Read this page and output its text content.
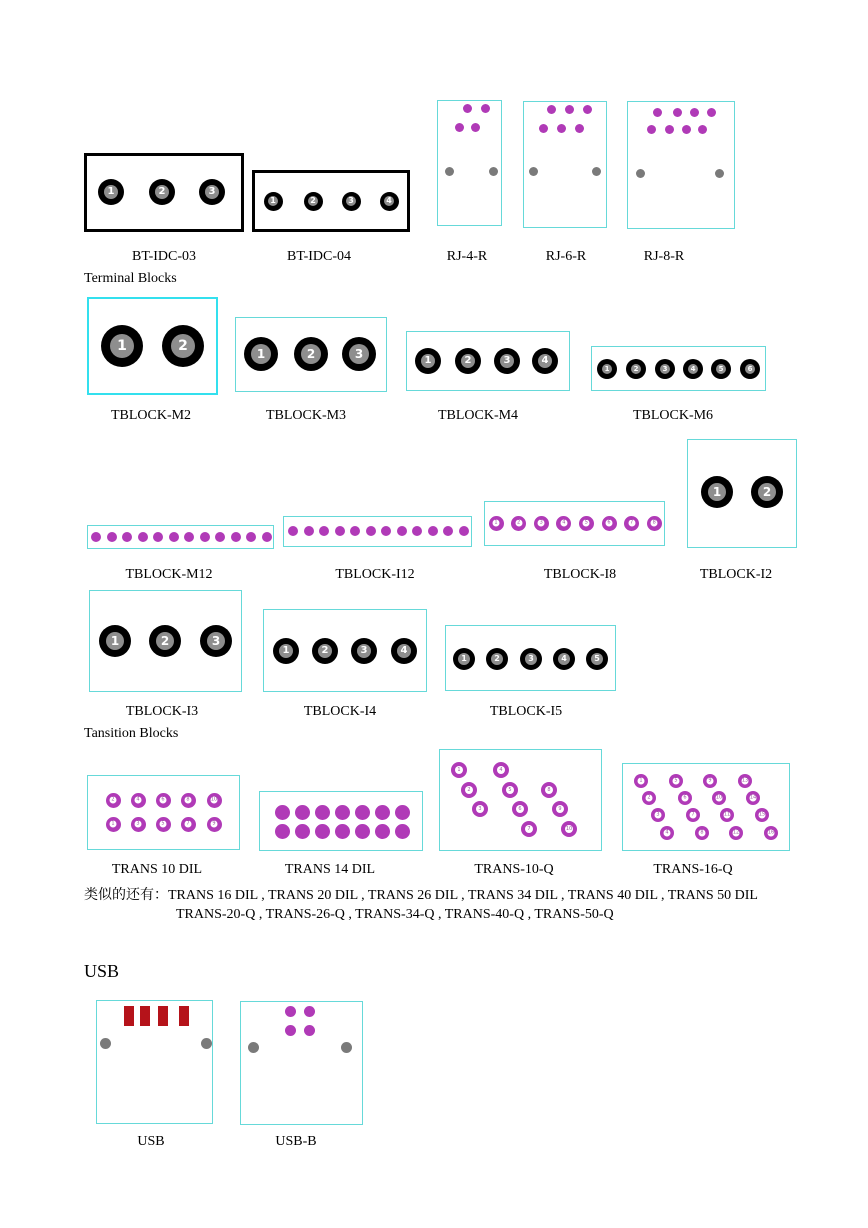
BT-IDC-03	BT-IDC-04	RJ-4-R	RJ-6-R	RJ-8-R
Terminal Blocks
TBLOCK-M2	TBLOCK-M3	TBLOCK-M4	TBLOCK-M6
TBLOCK-M12	TBLOCK-I12	TBLOCK-I8	TBLOCK-I2
TBLOCK-I3	TBLOCK-I4	TBLOCK-I5
Tansition Blocks
TRANS 10 DIL	TRANS 14 DIL	TRANS-10-Q	TRANS-16-Q
类似的还有：TRANS 16 DIL , TRANS 20 DIL , TRANS 26 DIL , TRANS 34 DIL , TRANS 40 DIL , TRANS 50 DIL
TRANS-20-Q , TRANS-26-Q , TRANS-34-Q , TRANS-40-Q , TRANS-50-Q
USB
USB	USB-B
1	2	3
1	2	3	4
1	2	1	2	3	1	2	3	4
1	2	3	4	5	6
1	2	3	4	5	6	7	8
1	2
1	2	3
1	2	3	4
1	2	3	4	5
2	4	6	8	10
1	3	5	7	9
1	4
2	5	8
3	6	9
7	10
1	5	9	13
2	6	10	14
3	7	11	15
4	8	12	16
